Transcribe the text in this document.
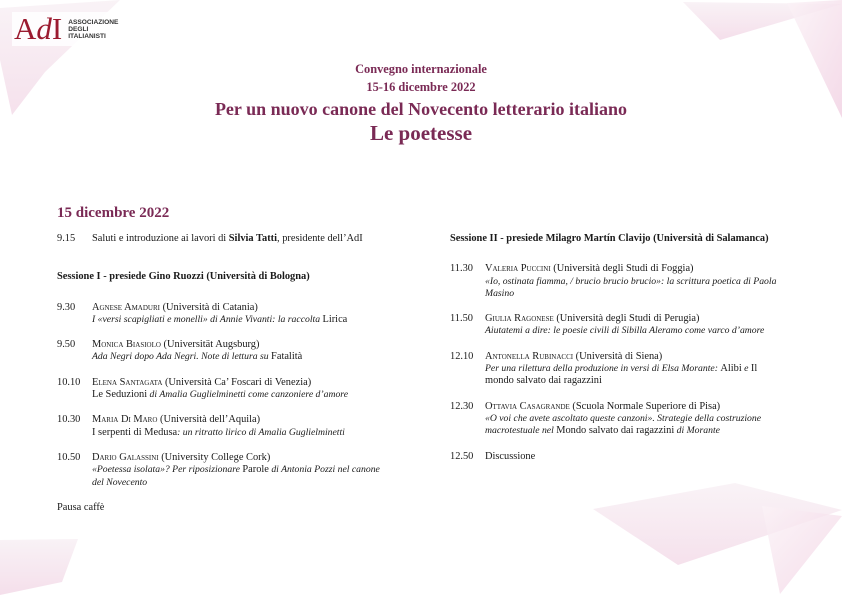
AdI ASSOCIAZIONE
DEGLI
ITALIANISTI
Convegno internazionale
15-16 dicembre 2022
Per un nuovo canone del Novecento letterario italiano
Le poetesse
15 dicembre 2022
9.15	Saluti e introduzione ai lavori di Silvia Tatti, presidente dell’AdI
Sessione I - presiede Gino Ruozzi (Università di Bologna)
9.30	Agnese Amaduri (Università di Catania)
I «versi scapigliati e monelli» di Annie Vivanti: la raccolta Lirica
9.50	Monica Biasiolo (Universität Augsburg)
Ada Negri dopo Ada Negri. Note di lettura su Fatalità
10.10	Elena Santagata (Università Ca’ Foscari di Venezia)
Le Seduzioni di Amalia Guglielminetti come canzoniere d’amore
10.30	Maria Di Maro (Università dell’Aquila)
I serpenti di Medusa: un ritratto lirico di Amalia Guglielminetti
10.50	Dario Galassini (University College Cork)
«Poetessa isolata»? Per riposizionare Parole di Antonia Pozzi nel canone del Novecento
Pausa caffè
Sessione II - presiede Milagro Martín Clavijo (Università di Salamanca)
11.30	Valeria Puccini (Università degli Studi di Foggia)
«Io, ostinata fiamma, / brucio brucio brucio»: la scrittura poetica di Paola Masino
11.50	Giulia Ragonese (Università degli Studi di Perugia)
Aiutatemi a dire: le poesie civili di Sibilla Aleramo come varco d’amore
12.10	Antonella Rubinacci (Università di Siena)
Per una rilettura della produzione in versi di Elsa Morante: Alibi e Il mondo salvato dai ragazzini
12.30	Ottavia Casagrande (Scuola Normale Superiore di Pisa)
«O voi che avete ascoltato queste canzoni». Strategie della costruzione macrotestuale nel Mondo salvato dai ragazzini di Morante
12.50	Discussione
